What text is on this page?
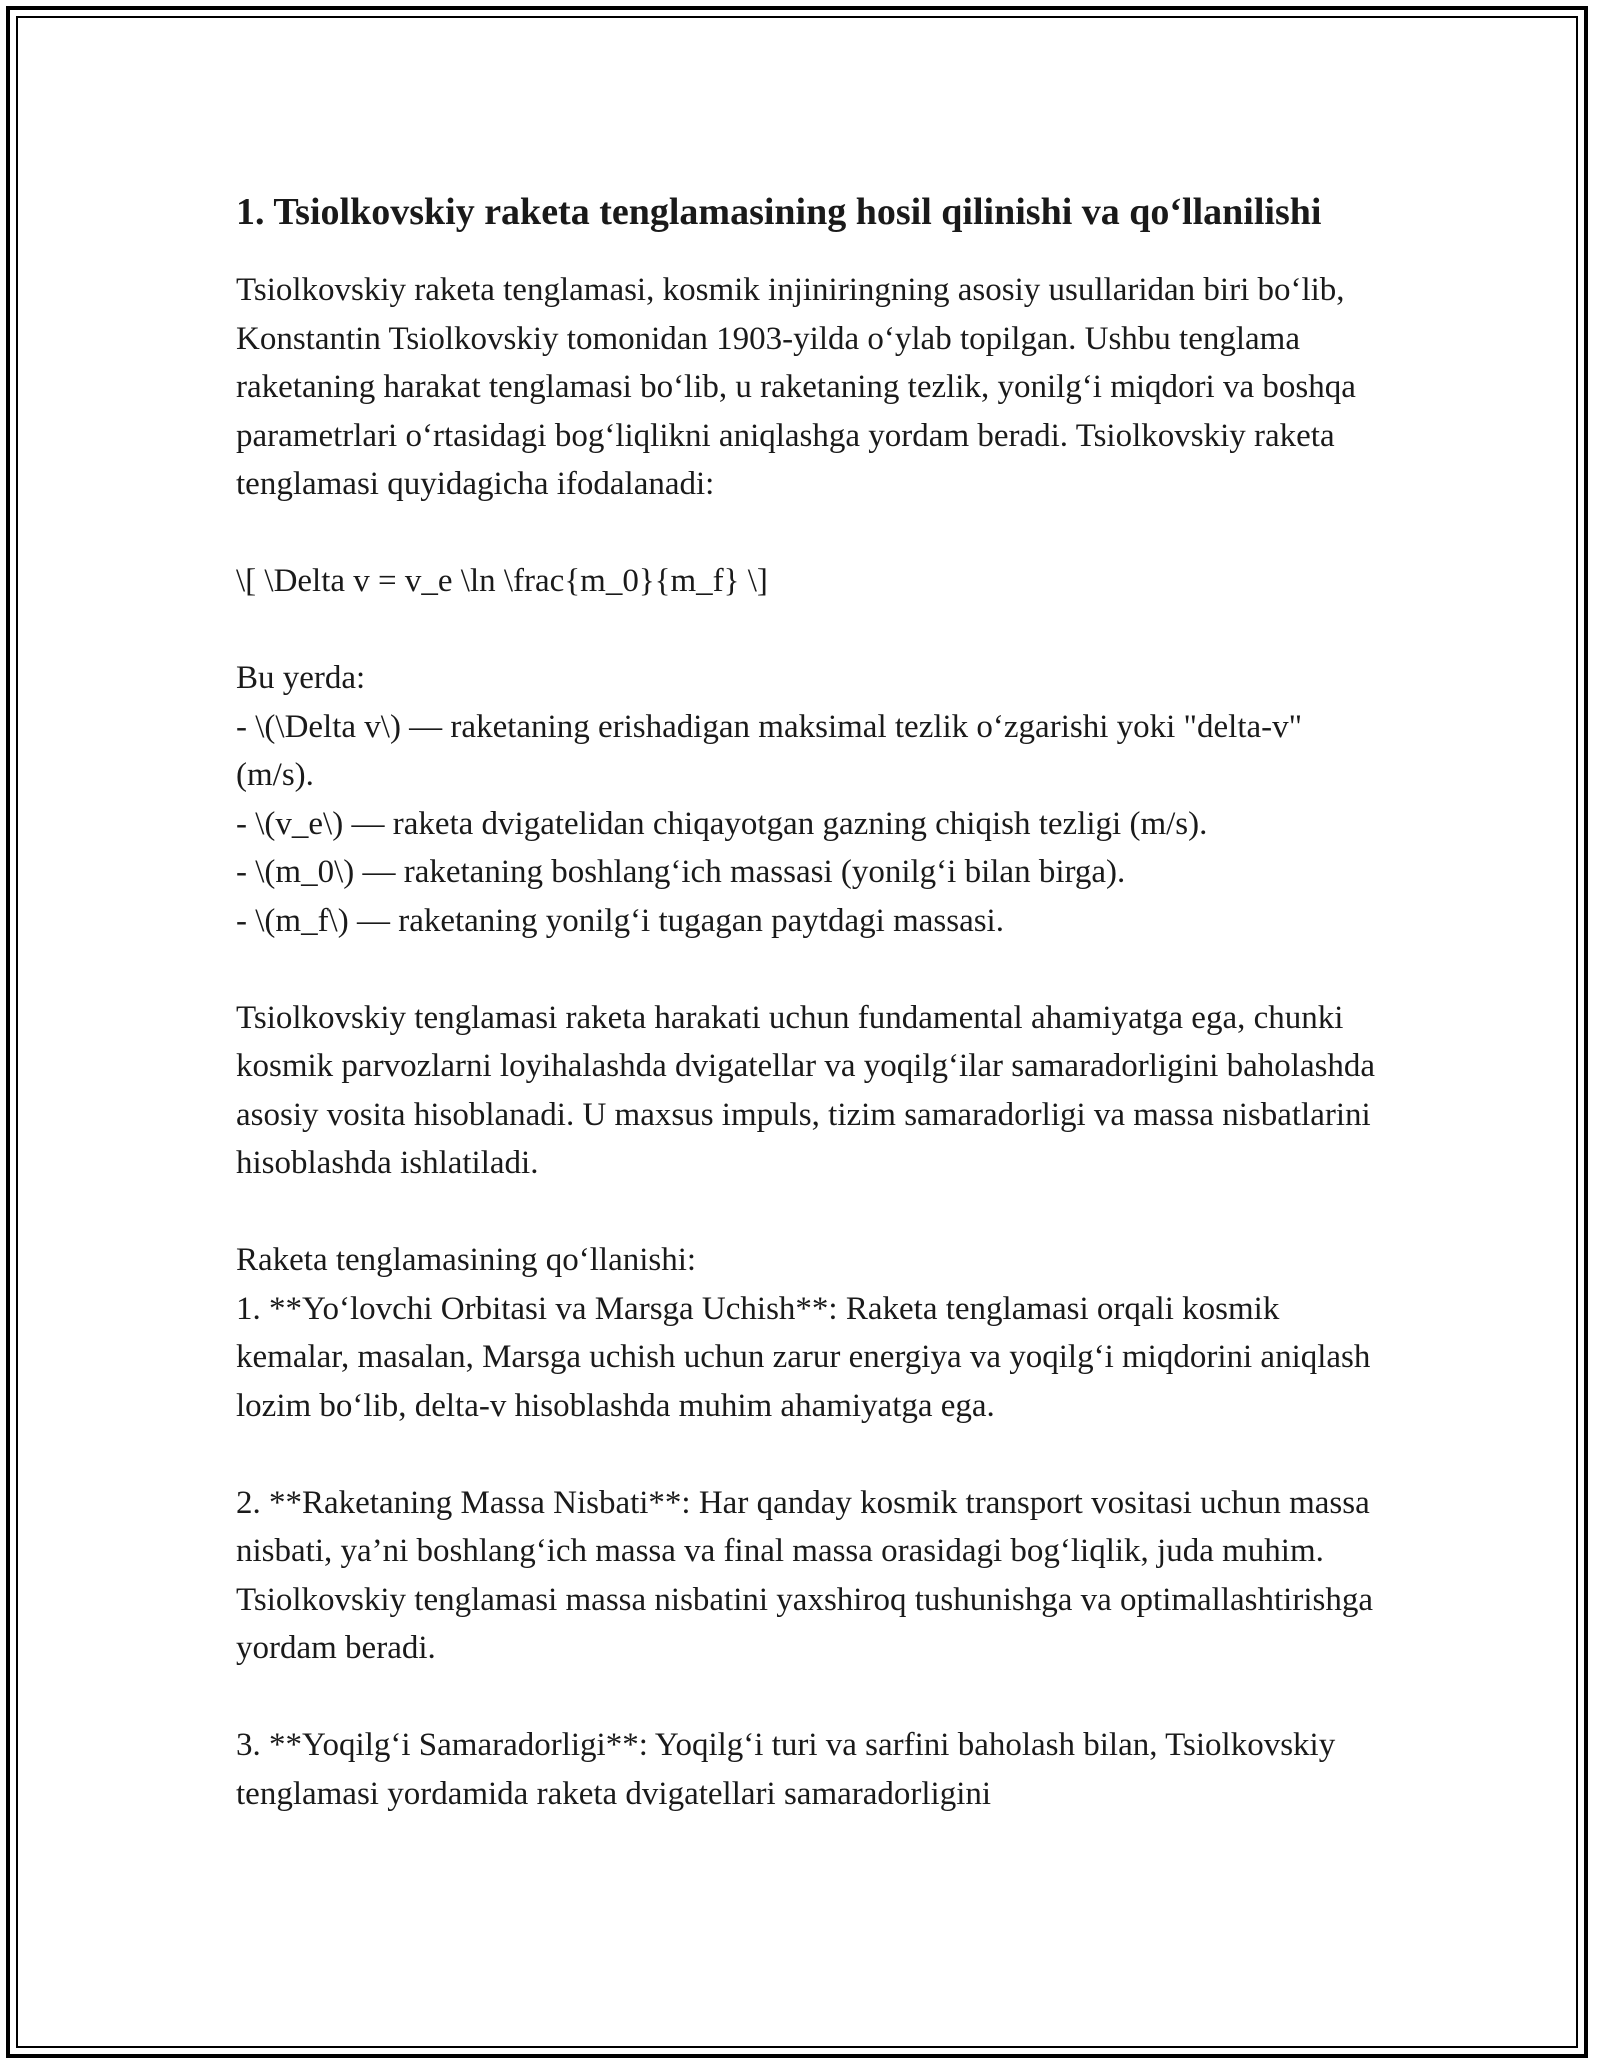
1. Tsiolkovskiy raketa tenglamasining hosil qilinishi va qo‘llanilishi

Tsiolkovskiy raketa tenglamasi, kosmik injiniringning asosiy usullaridan biri bo‘lib, Konstantin Tsiolkovskiy tomonidan 1903-yilda o‘ylab topilgan. Ushbu tenglama raketaning harakat tenglamasi bo‘lib, u raketaning tezlik, yonilg‘i miqdori va boshqa parametrlari o‘rtasidagi bog‘liqlikni aniqlashga yordam beradi. Tsiolkovskiy raketa tenglamasi quyidagicha ifodalanadi:

\[ \Delta v = v_e \ln \frac{m_0}{m_f} \]

Bu yerda:

- \(\Delta v\) — raketaning erishadigan maksimal tezlik o‘zgarishi yoki "delta-v" (m/s).

- \(v_e\) — raketa dvigatelidan chiqayotgan gazning chiqish tezligi (m/s).

- \(m_0\) — raketaning boshlang‘ich massasi (yonilg‘i bilan birga).

- \(m_f\) — raketaning yonilg‘i tugagan paytdagi massasi.

Tsiolkovskiy tenglamasi raketa harakati uchun fundamental ahamiyatga ega, chunki kosmik parvozlarni loyihalashda dvigatellar va yoqilg‘ilar samaradorligini baholashda asosiy vosita hisoblanadi. U maxsus impuls, tizim samaradorligi va massa nisbatlarini hisoblashda ishlatiladi.

Raketa tenglamasining qo‘llanishi:

1. **Yo‘lovchi Orbitasi va Marsga Uchish**: Raketa tenglamasi orqali kosmik kemalar, masalan, Marsga uchish uchun zarur energiya va yoqilg‘i miqdorini aniqlash lozim bo‘lib, delta-v hisoblashda muhim ahamiyatga ega.

2. **Raketaning Massa Nisbati**: Har qanday kosmik transport vositasi uchun massa nisbati, ya’ni boshlang‘ich massa va final massa orasidagi bog‘liqlik, juda muhim. Tsiolkovskiy tenglamasi massa nisbatini yaxshiroq tushunishga va optimallashtirishga yordam beradi.

3. **Yoqilg‘i Samaradorligi**: Yoqilg‘i turi va sarfini baholash bilan, Tsiolkovskiy tenglamasi yordamida raketa dvigatellari samaradorligini
